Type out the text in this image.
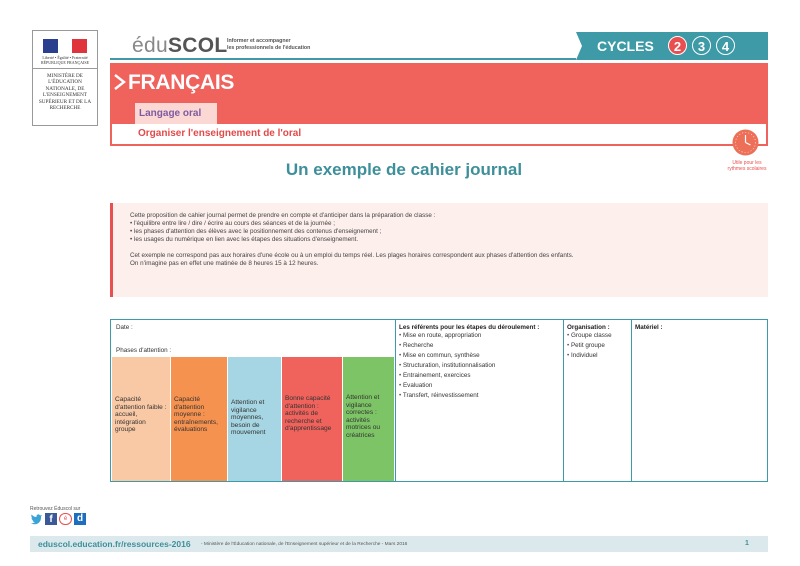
Liberté • Égalité • Fraternité
RÉPUBLIQUE FRANÇAISE
MINISTÈRE DE L'ÉDUCATION NATIONALE, DE L'ENSEIGNEMENT SUPÉRIEUR ET DE LA RECHERCHE
éduSCOL Informer et accompagner
les professionnels de l'éducation	CYCLES	2	3	4
FRANÇAIS
Langage oral
Organiser l'enseignement de l'oral
Utile pour les
rythmes scolaires
Un exemple de cahier journal

Cette proposition de cahier journal permet de prendre en compte et d'anticiper dans la préparation de classe :

• l'équilibre entre lire / dire / écrire au cours des séances et de la journée ;

• les phases d'attention des élèves avec le positionnement des contenus d'enseignement ;

• les usages du numérique en lien avec les étapes des situations d'enseignement.

Cet exemple ne correspond pas aux horaires d'une école ou à un emploi du temps réel. Les plages horaires correspondent aux phases d'attention des enfants.

On n'imagine pas en effet une matinée de 8 heures 15 à 12 heures.

Date :
Phases d'attention :
Capacité d'attention faible : accueil, intégration groupe
Capacité d'attention moyenne : entraînements, évaluations
Attention et vigilance moyennes, besoin de mouvement
Bonne capacité d'attention : activités de recherche et d'apprentissage
Attention et vigilance correctes : activités motrices ou créatrices
Les référents pour les étapes du déroulement :
• Mise en route, appropriation
• Recherche
• Mise en commun, synthèse
• Structuration, institutionnalisation
• Entrainement, exercices
• Evaluation
• Transfert, réinvestissement
Organisation :
• Groupe classe
• Petit groupe
• Individuel
Matériel :
Retrouvez Éduscol sur
f	é d
eduscol.education.fr/ressources-2016 - Ministère de l'Éducation nationale, de l'Enseignement supérieur et de la Recherche - Mars 2016	1
